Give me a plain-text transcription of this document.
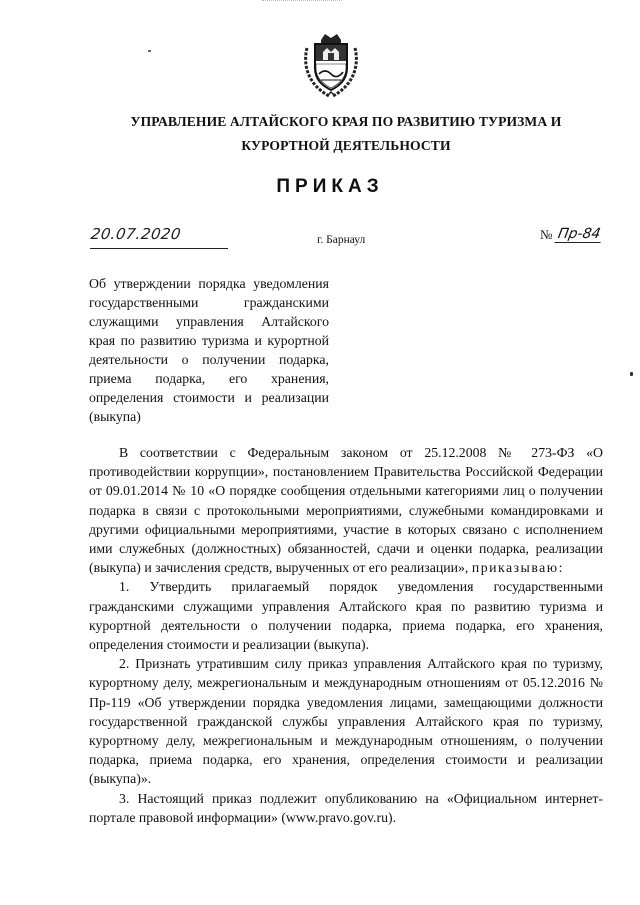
УПРАВЛЕНИЕ АЛТАЙСКОГО КРАЯ ПО РАЗВИТИЮ ТУРИЗМА И КУРОРТНОЙ ДЕЯТЕЛЬНОСТИ
ПРИКАЗ
20.07.2020	г. Барнаул	№ Пр-84
Об утверждении порядка уведомления государственными гражданскими служащими управления Алтайского края по развитию туризма и курортной деятельности о получении подарка, приема подарка, его хранения, определения стоимости и реализации (выкупа)

В соответствии с Федеральным законом от 25.12.2008 № 273-ФЗ «О противодействии коррупции», постановлением Правительства Российской Федерации от 09.01.2014 № 10 «О порядке сообщения отдельными категориями лиц о получении подарка в связи с протокольными мероприятиями, служебными командировками и другими официальными мероприятиями, участие в которых связано с исполнением ими служебных (должностных) обязанностей, сдачи и оценки подарка, реализации (выкупа) и зачисления средств, вырученных от его реализации», приказываю:

1. Утвердить прилагаемый порядок уведомления государственными гражданскими служащими управления Алтайского края по развитию туризма и курортной деятельности о получении подарка, приема подарка, его хранения, определения стоимости и реализации (выкупа).

2. Признать утратившим силу приказ управления Алтайского края по туризму, курортному делу, межрегиональным и международным отношениям от 05.12.2016 № Пр-119 «Об утверждении порядка уведомления лицами, замещающими должности государственной гражданской службы управления Алтайского края по туризму, курортному делу, межрегиональным и международным отношениям, о получении подарка, приема подарка, его хранения, определения стоимости и реализации (выкупа)».

3. Настоящий приказ подлежит опубликованию на «Официальном интернет-портале правовой информации» (www.pravo.gov.ru).
